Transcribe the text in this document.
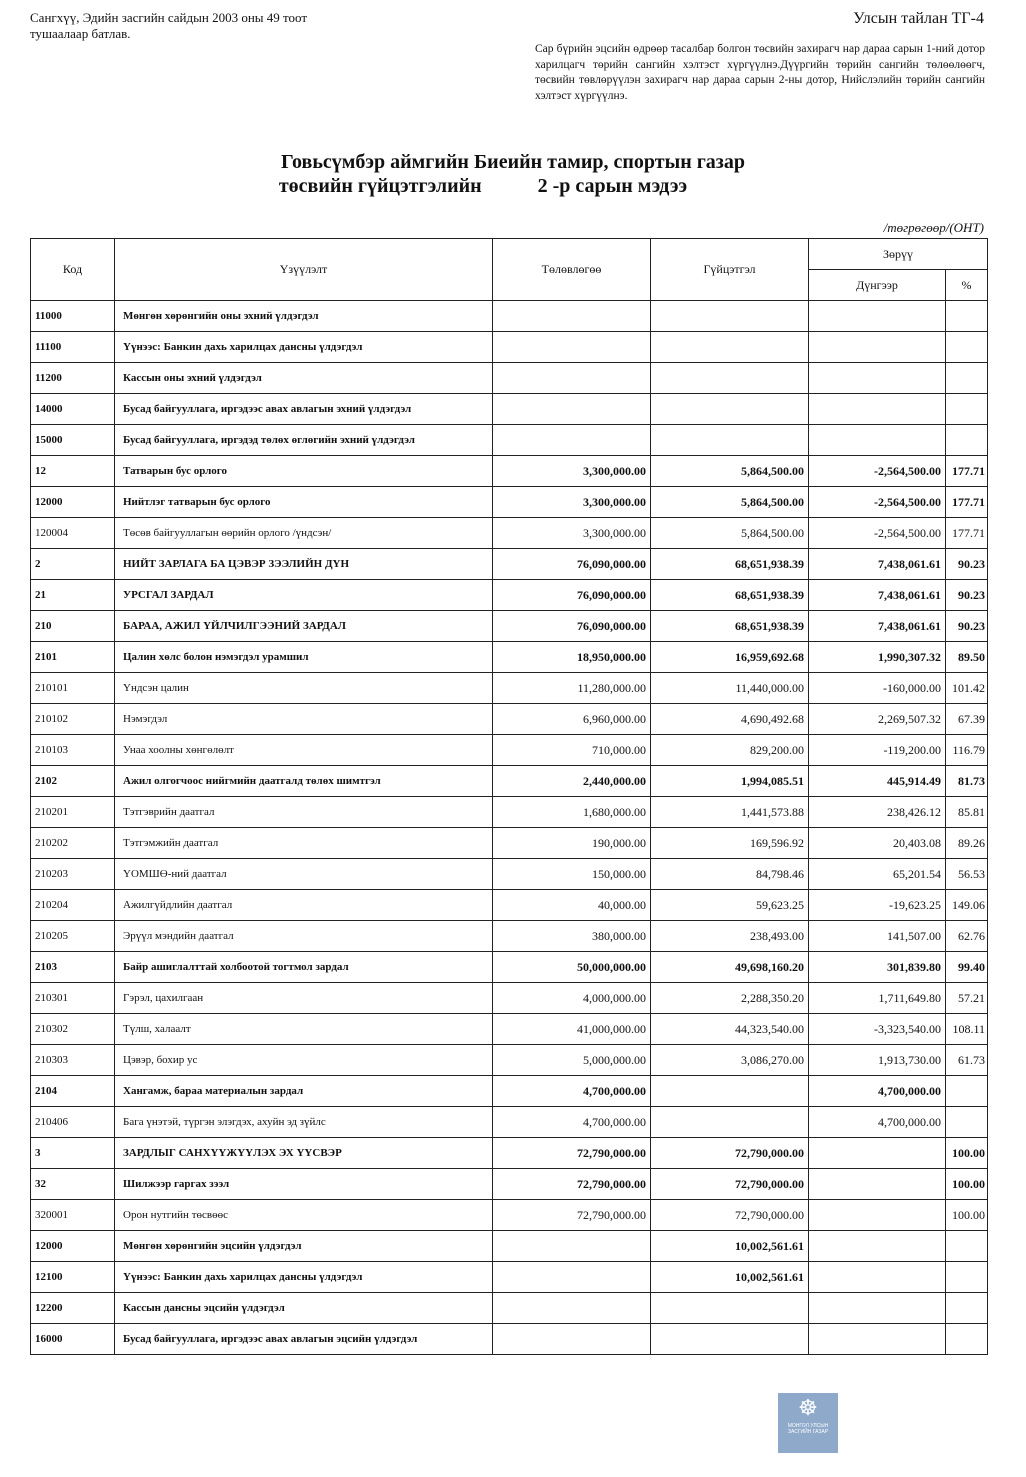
Сангхүү, Эдийн засгийн сайдын 2003 оны 49 тоот тушаалаар батлав.
Улсын тайлан ТГ-4
Сар бүрийн эцсийн өдрөөр тасалбар болгон төсвийн захирагч нар дараа сарын 1-ний дотор харилцагч төрийн сангийн хэлтэст хүргүүлнэ.Дүүргийн төрийн сангийн төлөөлөөгч, төсвийн төвлөрүүлэн захирагч нар дараа сарын 2-ны дотор, Нийслэлийн төрийн сангийн хэлтэст хүргүүлнэ.
Говьсүмбэр аймгийн Биеийн тамир, спортын газар
төсвийн гүйцэтгэлийн	2 -р сарын мэдээ
/төгрөгөөр/(ОНТ)
Код	Үзүүлэлт	Төлөвлөгөө	Гүйцэтгэл	Зөрүү	
				Дүнгээр	%
11000	Мөнгөн хөрөнгийн оны эхний үлдэгдэл				
11100	Үүнээс: Банкин дахь харилцах дансны үлдэгдэл				
11200	Кассын оны эхний үлдэгдэл				
14000	Бусад байгууллага, иргэдээс авах авлагын эхний үлдэгдэл				
15000	Бусад байгууллага, иргэдэд төлөх өглөгийн эхний үлдэгдэл				
12	Татварын бус орлого	3,300,000.00	5,864,500.00	-2,564,500.00	177.71
12000	Нийтлэг татварын бус орлого	3,300,000.00	5,864,500.00	-2,564,500.00	177.71
120004	Төсөв байгууллагын өөрийн орлого /үндсэн/	3,300,000.00	5,864,500.00	-2,564,500.00	177.71
2	НИЙТ ЗАРЛАГА БА ЦЭВЭР ЗЭЭЛИЙН ДҮН	76,090,000.00	68,651,938.39	7,438,061.61	90.23
21	УРСГАЛ ЗАРДАЛ	76,090,000.00	68,651,938.39	7,438,061.61	90.23
210	БАРАА, АЖИЛ ҮЙЛЧИЛГЭЭНИЙ ЗАРДАЛ	76,090,000.00	68,651,938.39	7,438,061.61	90.23
2101	Цалин хөлс болон нэмэгдэл урамшил	18,950,000.00	16,959,692.68	1,990,307.32	89.50
210101	Үндсэн цалин	11,280,000.00	11,440,000.00	-160,000.00	101.42
210102	Нэмэгдэл	6,960,000.00	4,690,492.68	2,269,507.32	67.39
210103	Унаа хоолны хөнгөлөлт	710,000.00	829,200.00	-119,200.00	116.79
2102	Ажил олгогчоос нийгмийн даатгалд төлөх шимтгэл	2,440,000.00	1,994,085.51	445,914.49	81.73
210201	Тэтгэврийн даатгал	1,680,000.00	1,441,573.88	238,426.12	85.81
210202	Тэтгэмжийн даатгал	190,000.00	169,596.92	20,403.08	89.26
210203	ҮОМШӨ-ний даатгал	150,000.00	84,798.46	65,201.54	56.53
210204	Ажилгүйдлийн даатгал	40,000.00	59,623.25	-19,623.25	149.06
210205	Эрүүл мэндийн даатгал	380,000.00	238,493.00	141,507.00	62.76
2103	Байр ашиглалттай холбоотой тогтмол зардал	50,000,000.00	49,698,160.20	301,839.80	99.40
210301	Гэрэл, цахилгаан	4,000,000.00	2,288,350.20	1,711,649.80	57.21
210302	Түлш, халаалт	41,000,000.00	44,323,540.00	-3,323,540.00	108.11
210303	Цэвэр, бохир ус	5,000,000.00	3,086,270.00	1,913,730.00	61.73
2104	Хангамж, бараа материалын зардал	4,700,000.00		4,700,000.00	
210406	Бага үнэтэй, түргэн элэгдэх, ахуйн эд зүйлс	4,700,000.00		4,700,000.00	
3	ЗАРДЛЫГ САНХҮҮЖҮҮЛЭХ ЭХ ҮҮСВЭР	72,790,000.00	72,790,000.00		100.00
32	Шилжээр гаргах зээл	72,790,000.00	72,790,000.00		100.00
320001	Орон нутгийн төсвөөс	72,790,000.00	72,790,000.00		100.00
12000	Мөнгөн хөрөнгийн эцсийн үлдэгдэл		10,002,561.61		
12100	Үүнээс: Банкин дахь харилцах дансны үлдэгдэл		10,002,561.61		
12200	Кассын дансны эцсийн үлдэгдэл				
16000	Бусад байгууллага, иргэдээс авах авлагын эцсийн үлдэгдэл				
☸
МОНГОЛ УЛСЫН ЗАСГИЙН ГАЗАР
